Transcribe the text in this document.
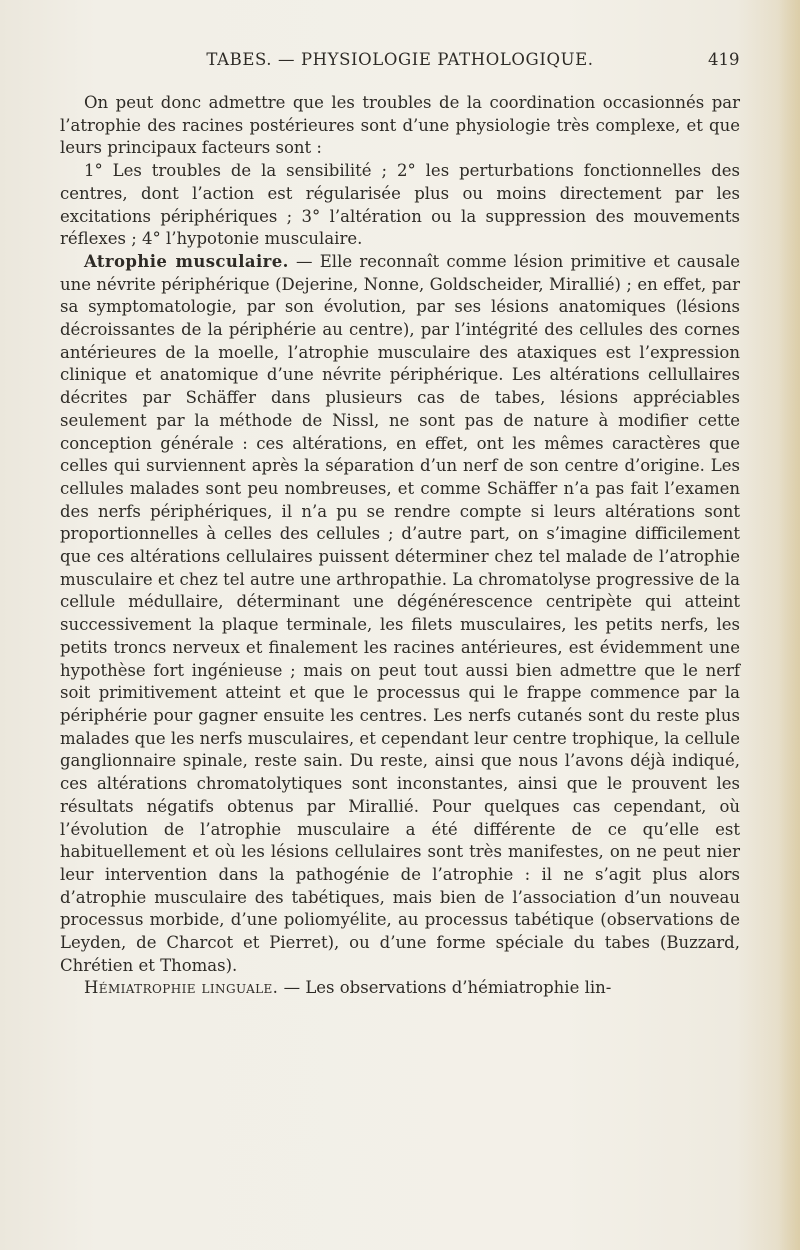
TABES. — PHYSIOLOGIE PATHOLOGIQUE.	419

On peut donc admettre que les troubles de la coordination occasionnés par l’atrophie des racines postérieures sont d’une physiologie très complexe, et que leurs principaux facteurs sont :

1° Les troubles de la sensibilité ; 2° les perturbations fonctionnelles des centres, dont l’action est régularisée plus ou moins directement par les excitations périphériques ; 3° l’altération ou la suppression des mouvements réflexes ; 4° l’hypotonie musculaire.

Atrophie musculaire. — Elle reconnaît comme lésion primitive et causale une névrite périphérique (Dejerine, Nonne, Goldscheider, Mirallié) ; en effet, par sa symptomatologie, par son évolution, par ses lésions anatomiques (lésions décroissantes de la périphérie au centre), par l’intégrité des cellules des cornes antérieures de la moelle, l’atrophie musculaire des ataxiques est l’expression clinique et anatomique d’une névrite périphérique. Les altérations cellullaires décrites par Schäffer dans plusieurs cas de tabes, lésions appréciables seulement par la méthode de Nissl, ne sont pas de nature à modifier cette conception générale : ces altérations, en effet, ont les mêmes caractères que celles qui surviennent après la séparation d’un nerf de son centre d’origine. Les cellules malades sont peu nombreuses, et comme Schäffer n’a pas fait l’examen des nerfs périphériques, il n’a pu se rendre compte si leurs altérations sont proportionnelles à celles des cellules ; d’autre part, on s’imagine difficilement que ces altérations cellulaires puissent déterminer chez tel malade de l’atrophie musculaire et chez tel autre une arthropathie. La chromatolyse progressive de la cellule médullaire, déterminant une dégénérescence centripète qui atteint successivement la plaque terminale, les filets musculaires, les petits nerfs, les petits troncs nerveux et finalement les racines antérieures, est évidemment une hypothèse fort ingénieuse ; mais on peut tout aussi bien admettre que le nerf soit primitivement atteint et que le processus qui le frappe commence par la périphérie pour gagner ensuite les centres. Les nerfs cutanés sont du reste plus malades que les nerfs musculaires, et cependant leur centre trophique, la cellule ganglionnaire spinale, reste sain. Du reste, ainsi que nous l’avons déjà indiqué, ces altérations chromatolytiques sont inconstantes, ainsi que le prouvent les résultats négatifs obtenus par Mirallié. Pour quelques cas cependant, où l’évolution de l’atrophie musculaire a été différente de ce qu’elle est habituellement et où les lésions cellulaires sont très manifestes, on ne peut nier leur intervention dans la pathogénie de l’atrophie : il ne s’agit plus alors d’atrophie musculaire des tabétiques, mais bien de l’association d’un nouveau processus morbide, d’une poliomyélite, au processus tabétique (observations de Leyden, de Charcot et Pierret), ou d’une forme spéciale du tabes (Buzzard, Chrétien et Thomas).

Hémiatrophie linguale. — Les observations d’hémiatrophie lin-
